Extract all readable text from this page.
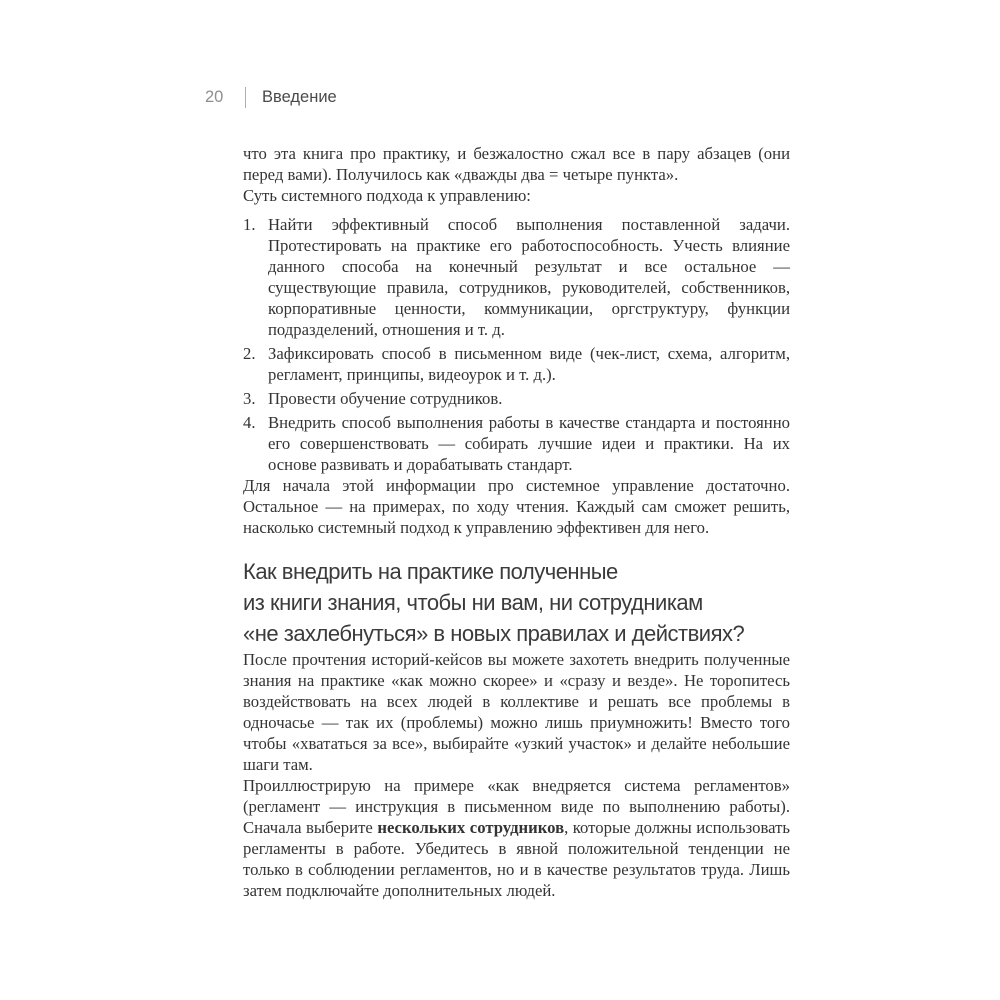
20	Введение

что эта книга про практику, и безжалостно сжал все в пару абзацев (они перед вами). Получилось как «дважды два = четыре пункта».

Суть системного подхода к управлению:

1. Найти эффективный способ выполнения поставленной задачи. Протестировать на практике его работоспособность. Учесть влияние данного способа на конечный результат и все остальное — существующие правила, сотрудников, руководителей, собственников, корпоративные ценности, коммуникации, оргструктуру, функции подразделений, отношения и т. д.
2. Зафиксировать способ в письменном виде (чек-лист, схема, алгоритм, регламент, принципы, видеоурок и т. д.).
3. Провести обучение сотрудников.
4. Внедрить способ выполнения работы в качестве стандарта и постоянно его совершенствовать — собирать лучшие идеи и практики. На их основе развивать и дорабатывать стандарт.

Для начала этой информации про системное управление достаточно. Остальное — на примерах, по ходу чтения. Каждый сам сможет решить, насколько системный подход к управлению эффективен для него.

Как внедрить на практике полученные
из книги знания, чтобы ни вам, ни сотрудникам
«не захлебнуться» в новых правилах и действиях?

После прочтения историй-кейсов вы можете захотеть внедрить полученные знания на практике «как можно скорее» и «сразу и везде». Не торопитесь воздействовать на всех людей в коллективе и решать все проблемы в одночасье — так их (проблемы) можно лишь приумножить! Вместо того чтобы «хвататься за все», выбирайте «узкий участок» и делайте небольшие шаги там.

Проиллюстрирую на примере «как внедряется система регламентов» (регламент — инструкция в письменном виде по выполнению работы). Сначала выберите нескольких сотрудников, которые должны использовать регламенты в работе. Убедитесь в явной положительной тенденции не только в соблюдении регламентов, но и в качестве результатов труда. Лишь затем подключайте дополнительных людей.
